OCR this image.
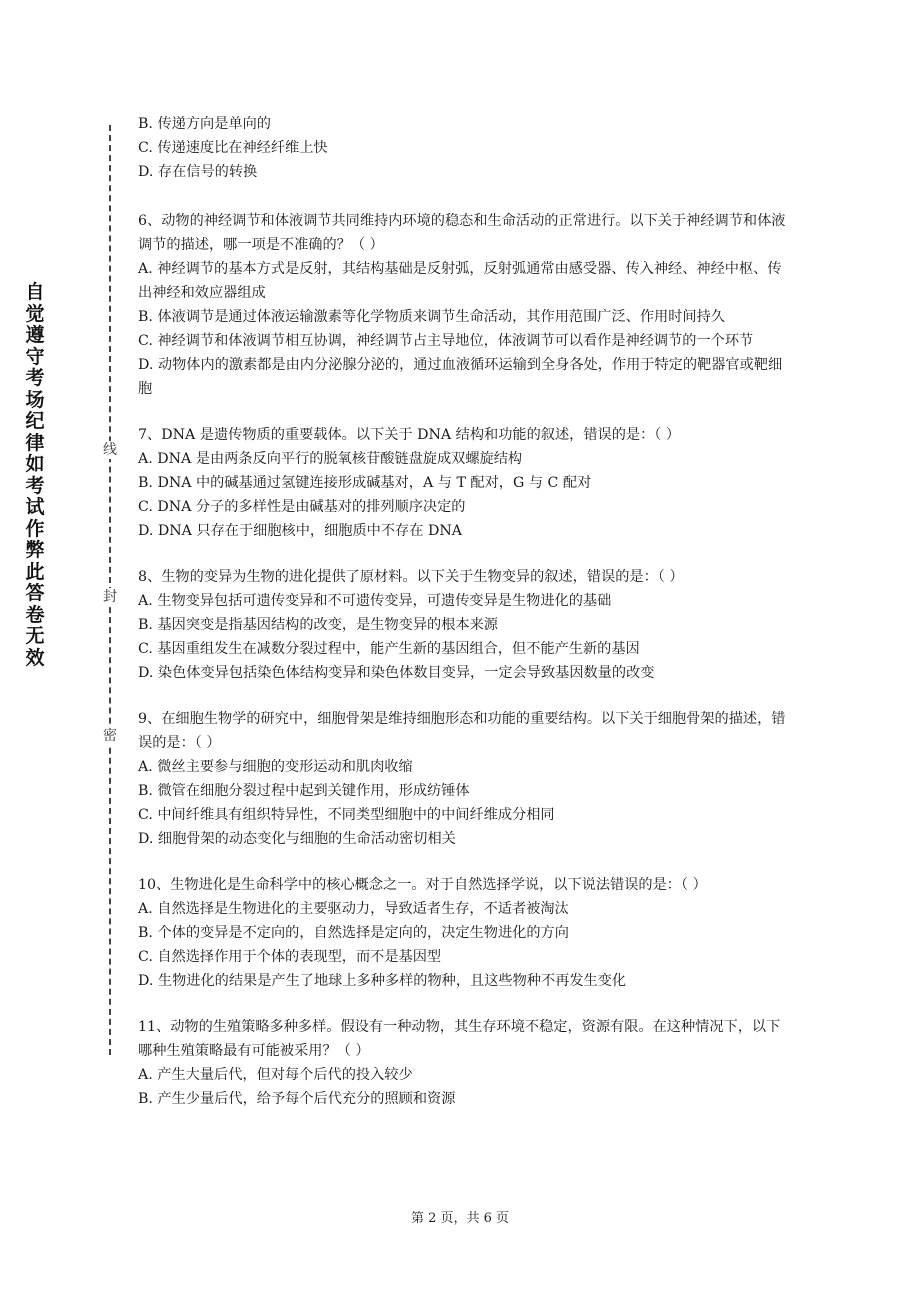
自觉遵守考场纪律如考试作弊此答卷无效
线
封
密
B. 传递方向是单向的
C. 传递速度比在神经纤维上快
D. 存在信号的转换
6、动物的神经调节和体液调节共同维持内环境的稳态和生命活动的正常进行。以下关于神经调节和体液调节的描述，哪一项是不准确的？（ ）
A. 神经调节的基本方式是反射，其结构基础是反射弧，反射弧通常由感受器、传入神经、神经中枢、传出神经和效应器组成
B. 体液调节是通过体液运输激素等化学物质来调节生命活动，其作用范围广泛、作用时间持久
C. 神经调节和体液调节相互协调，神经调节占主导地位，体液调节可以看作是神经调节的一个环节
D. 动物体内的激素都是由内分泌腺分泌的，通过血液循环运输到全身各处，作用于特定的靶器官或靶细胞
7、DNA 是遗传物质的重要载体。以下关于 DNA 结构和功能的叙述，错误的是：（ ）
A. DNA 是由两条反向平行的脱氧核苷酸链盘旋成双螺旋结构
B. DNA 中的碱基通过氢键连接形成碱基对，A 与 T 配对，G 与 C 配对
C. DNA 分子的多样性是由碱基对的排列顺序决定的
D. DNA 只存在于细胞核中，细胞质中不存在 DNA
8、生物的变异为生物的进化提供了原材料。以下关于生物变异的叙述，错误的是：（ ）
A. 生物变异包括可遗传变异和不可遗传变异，可遗传变异是生物进化的基础
B. 基因突变是指基因结构的改变，是生物变异的根本来源
C. 基因重组发生在减数分裂过程中，能产生新的基因组合，但不能产生新的基因
D. 染色体变异包括染色体结构变异和染色体数目变异，一定会导致基因数量的改变
9、在细胞生物学的研究中，细胞骨架是维持细胞形态和功能的重要结构。以下关于细胞骨架的描述，错误的是：（ ）
A. 微丝主要参与细胞的变形运动和肌肉收缩
B. 微管在细胞分裂过程中起到关键作用，形成纺锤体
C. 中间纤维具有组织特异性，不同类型细胞中的中间纤维成分相同
D. 细胞骨架的动态变化与细胞的生命活动密切相关
10、生物进化是生命科学中的核心概念之一。对于自然选择学说，以下说法错误的是：（ ）
A. 自然选择是生物进化的主要驱动力，导致适者生存，不适者被淘汰
B. 个体的变异是不定向的，自然选择是定向的，决定生物进化的方向
C. 自然选择作用于个体的表现型，而不是基因型
D. 生物进化的结果是产生了地球上多种多样的物种，且这些物种不再发生变化
11、动物的生殖策略多种多样。假设有一种动物，其生存环境不稳定，资源有限。在这种情况下，以下哪种生殖策略最有可能被采用？（ ）
A. 产生大量后代，但对每个后代的投入较少
B. 产生少量后代，给予每个后代充分的照顾和资源
第 2 页，共 6 页
